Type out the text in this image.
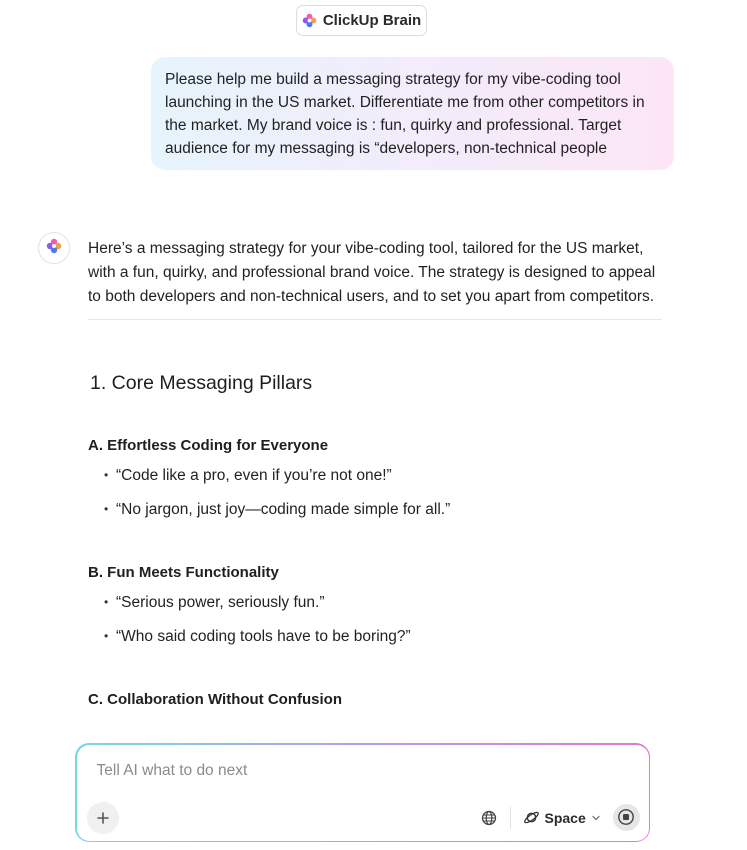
ClickUp Brain
Please help me build a messaging strategy for my vibe-coding tool launching in the US market. Differentiate me from other competitors in the market. My brand voice is : fun, quirky and professional. Target audience for my messaging is “developers, non-technical people

Here’s a messaging strategy for your vibe-coding tool, tailored for the US market, with a fun, quirky, and professional brand voice. The strategy is designed to appeal to both developers and non-technical users, and to set you apart from competitors.

1. Core Messaging Pillars
A. Effortless Coding for Everyone
• “Code like a pro, even if you’re not one!”
• “No jargon, just joy—coding made simple for all.”
B. Fun Meets Functionality
• “Serious power, seriously fun.”
• “Who said coding tools have to be boring?”
C. Collaboration Without Confusion
Tell AI what to do next
Space
